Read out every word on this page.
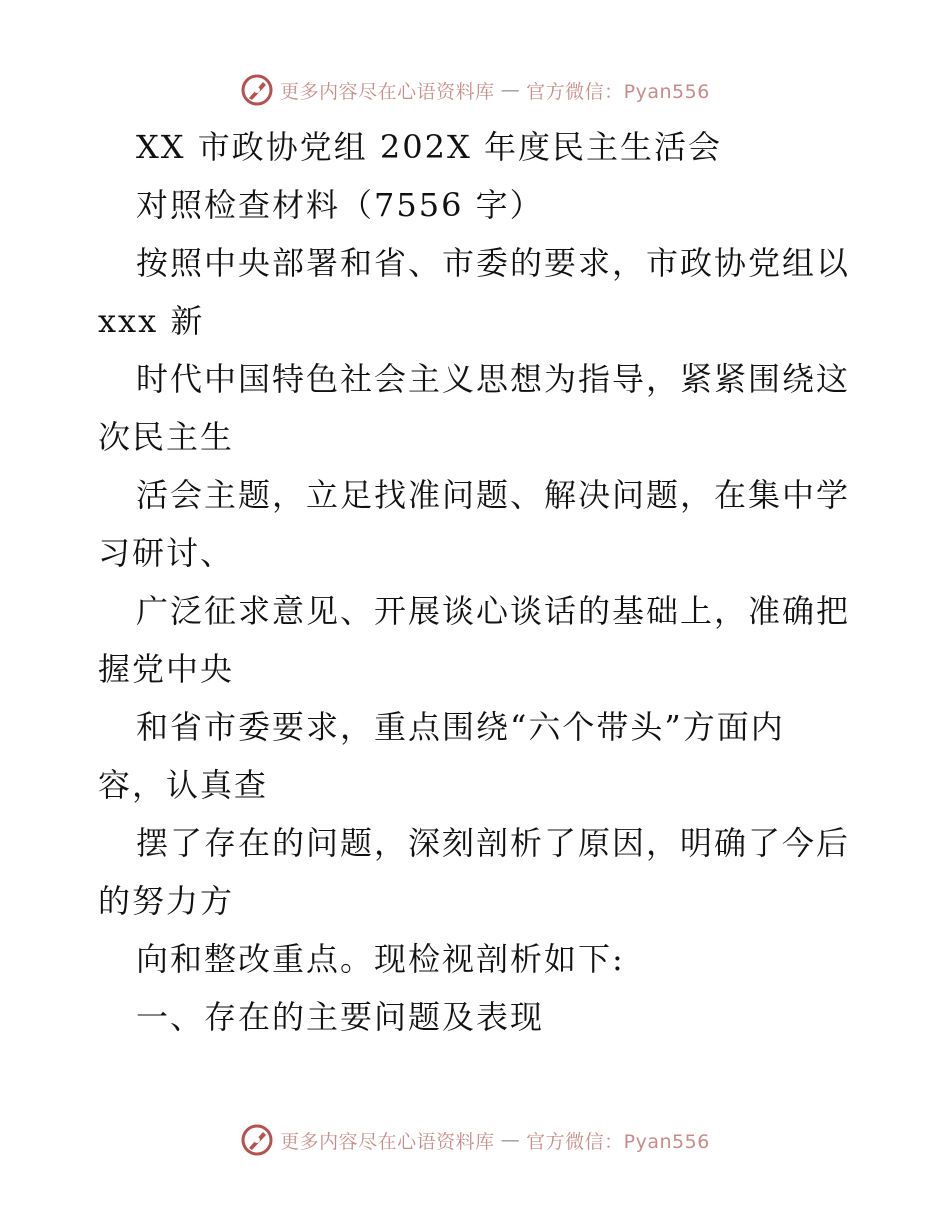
更多内容尽在心语资料库 — 官方微信：Pyan556
XX 市政协党组 202X 年度民主生活会
对照检查材料（7556 字）
按照中央部署和省、市委的要求，市政协党组以
xxx 新
时代中国特色社会主义思想为指导，紧紧围绕这
次民主生
活会主题，立足找准问题、解决问题，在集中学
习研讨、
广泛征求意见、开展谈心谈话的基础上，准确把
握党中央
和省市委要求，重点围绕“六个带头”方面内
容，认真查
摆了存在的问题，深刻剖析了原因，明确了今后
的努力方
向和整改重点。现检视剖析如下:
一、存在的主要问题及表现
更多内容尽在心语资料库 — 官方微信：Pyan556
